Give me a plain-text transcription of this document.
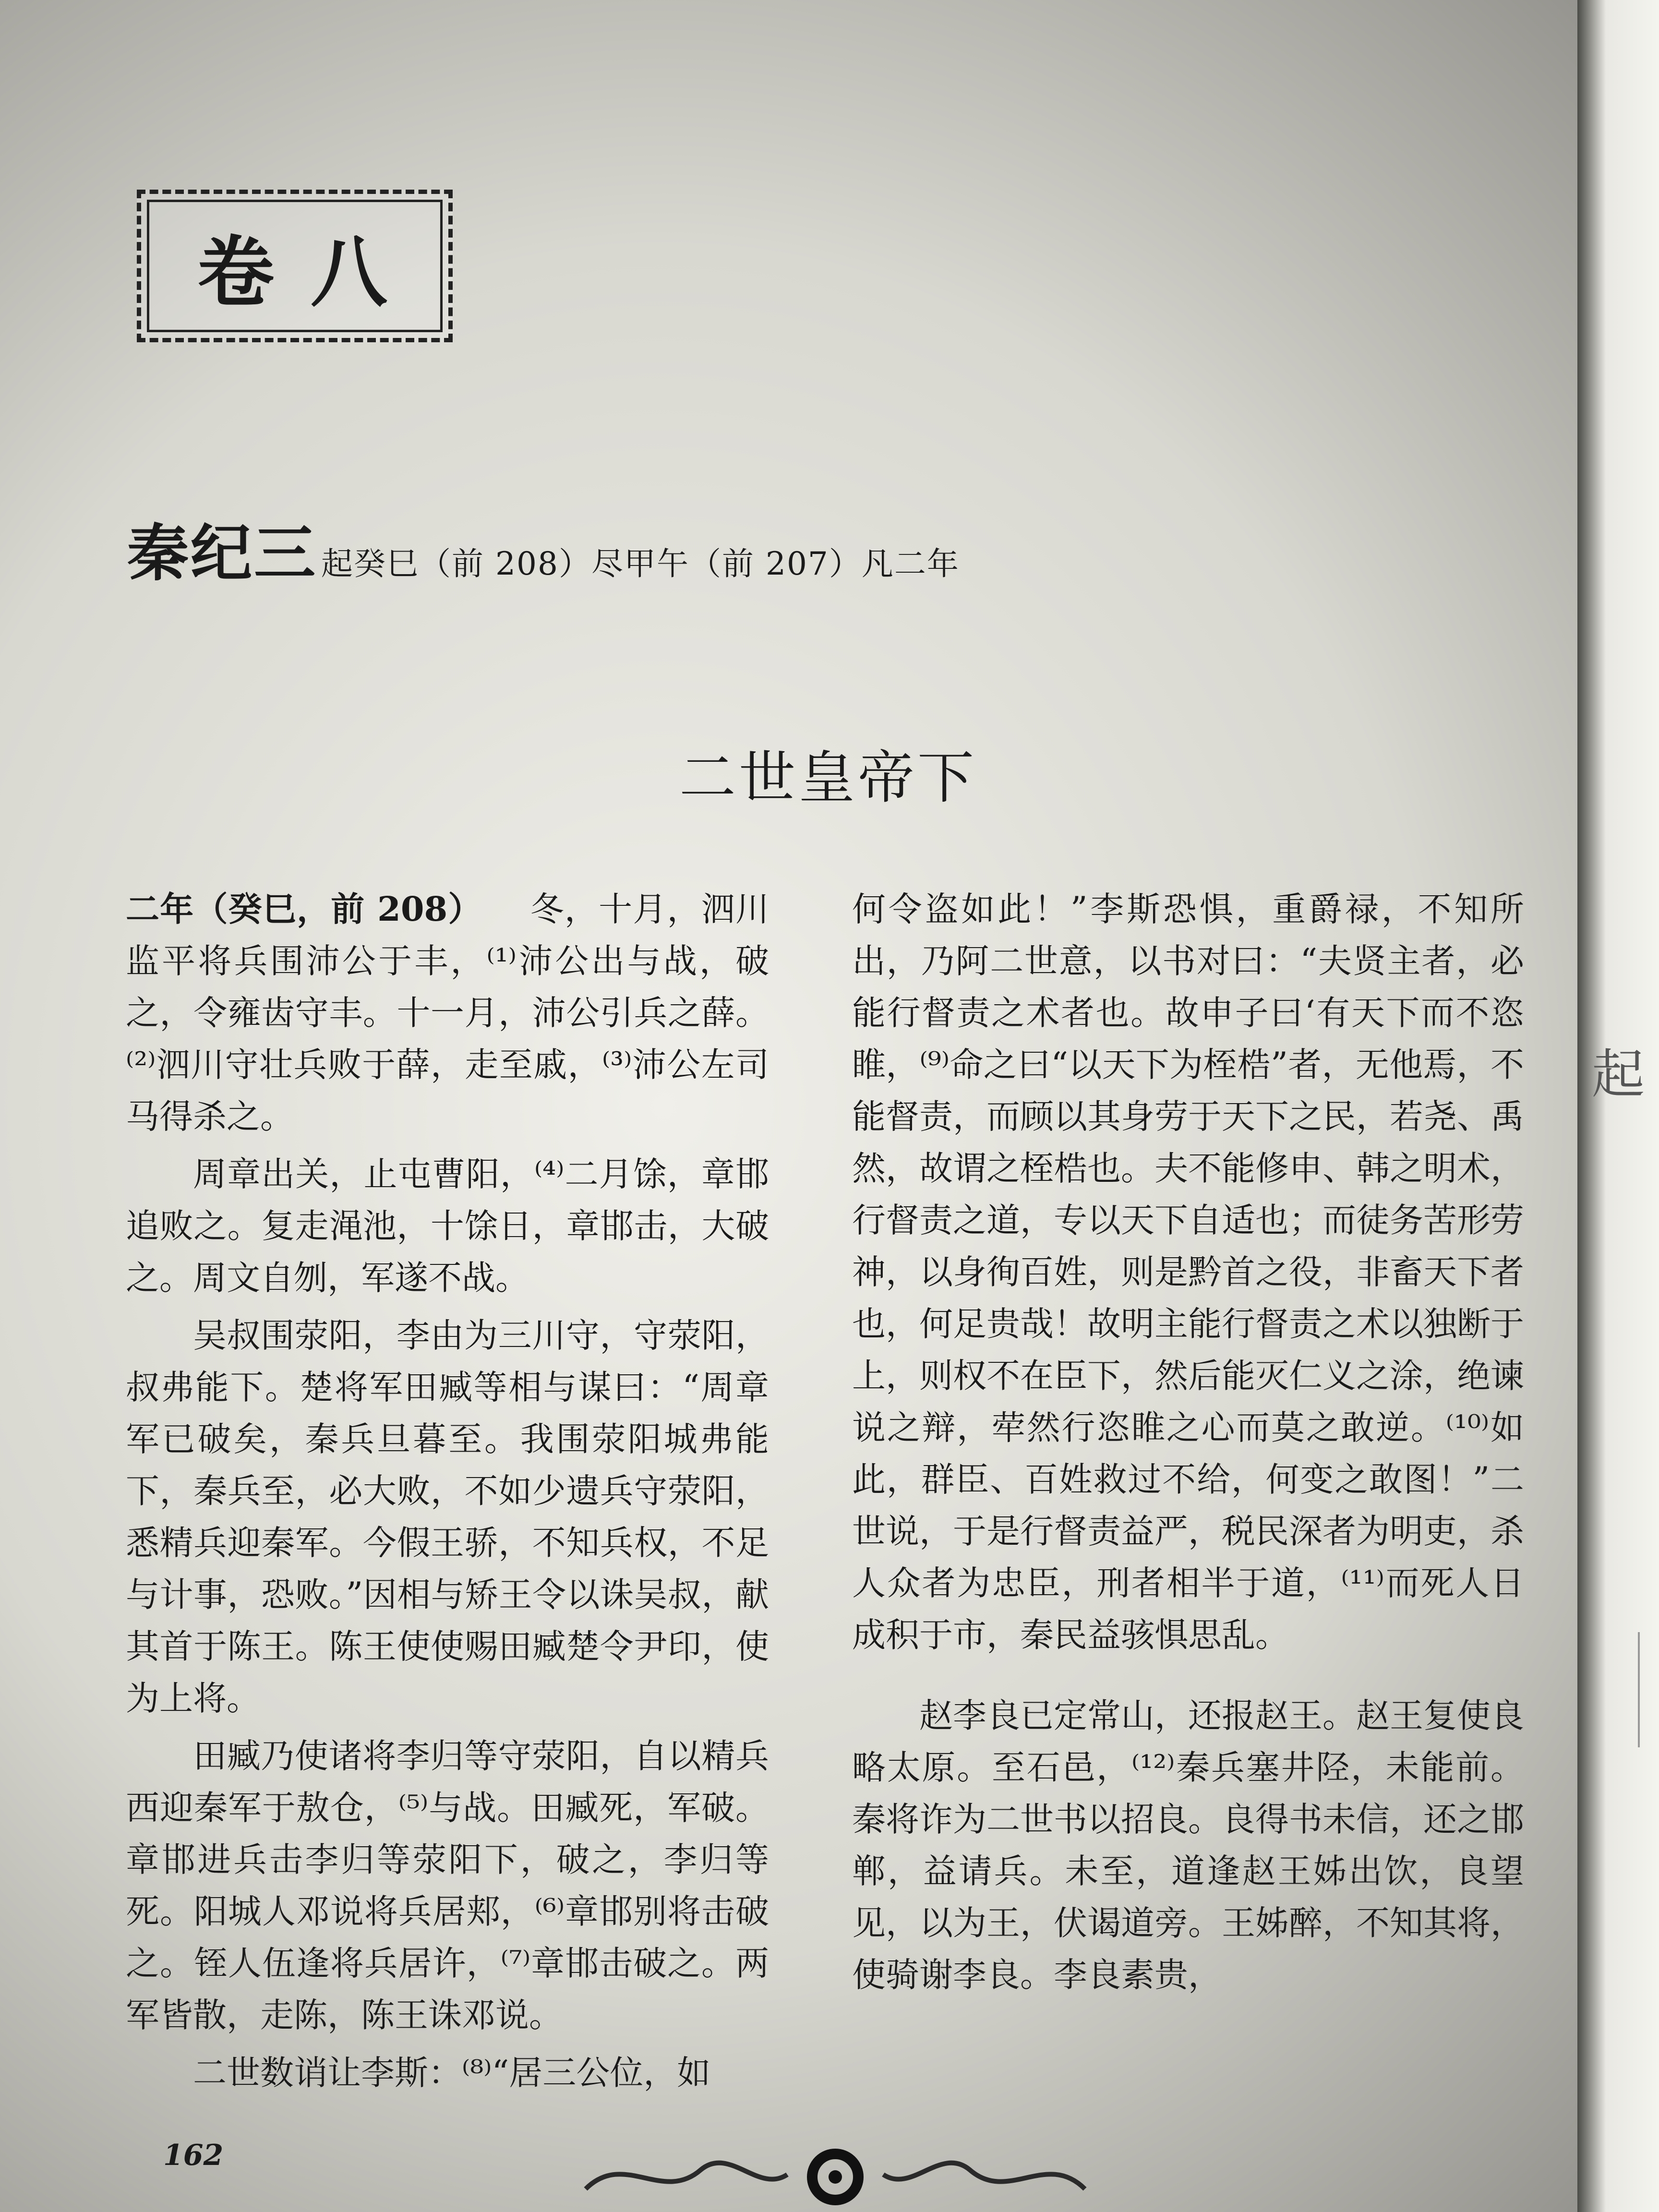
起
卷 八
秦纪三 起癸巳（前 208）尽甲午（前 207）凡二年
二世皇帝下

二年（癸巳，前 208） 冬，十月，泗川监平将兵围沛公于丰，⁽¹⁾沛公出与战，破之，令雍齿守丰。十一月，沛公引兵之薛。⁽²⁾泗川守壮兵败于薛，走至戚，⁽³⁾沛公左司马得杀之。

周章出关，止屯曹阳，⁽⁴⁾二月馀，章邯追败之。复走渑池，十馀日，章邯击，大破之。周文自刎，军遂不战。

吴叔围荥阳，李由为三川守，守荥阳，叔弗能下。楚将军田臧等相与谋曰：“周章军已破矣，秦兵旦暮至。我围荥阳城弗能下，秦兵至，必大败，不如少遗兵守荥阳，悉精兵迎秦军。今假王骄，不知兵权，不足与计事，恐败。”因相与矫王令以诛吴叔，献其首于陈王。陈王使使赐田臧楚令尹印，使为上将。

田臧乃使诸将李归等守荥阳，自以精兵西迎秦军于敖仓，⁽⁵⁾与战。田臧死，军破。章邯进兵击李归等荥阳下，破之，李归等死。阳城人邓说将兵居郏，⁽⁶⁾章邯别将击破之。铚人伍逢将兵居许，⁽⁷⁾章邯击破之。两军皆散，走陈，陈王诛邓说。

二世数诮让李斯：⁽⁸⁾“居三公位，如

何令盗如此！”李斯恐惧，重爵禄，不知所出，乃阿二世意，以书对曰：“夫贤主者，必能行督责之术者也。故申子曰‘有天下而不恣睢，⁽⁹⁾命之曰“以天下为桎梏”者，无他焉，不能督责，而顾以其身劳于天下之民，若尧、禹然，故谓之桎梏也。夫不能修申、韩之明术，行督责之道，专以天下自适也；而徒务苦形劳神，以身徇百姓，则是黔首之役，非畜天下者也，何足贵哉！故明主能行督责之术以独断于上，则权不在臣下，然后能灭仁义之涂，绝谏说之辩，荦然行恣睢之心而莫之敢逆。⁽¹⁰⁾如此，群臣、百姓救过不给，何变之敢图！”二世说，于是行督责益严，税民深者为明吏，杀人众者为忠臣，刑者相半于道，⁽¹¹⁾而死人日成积于市，秦民益骇惧思乱。

赵李良已定常山，还报赵王。赵王复使良略太原。至石邑，⁽¹²⁾秦兵塞井陉，未能前。秦将诈为二世书以招良。良得书未信，还之邯郸，益请兵。未至，道逢赵王姊出饮，良望见，以为王，伏谒道旁。王姊醉，不知其将，使骑谢李良。李良素贵，

162
